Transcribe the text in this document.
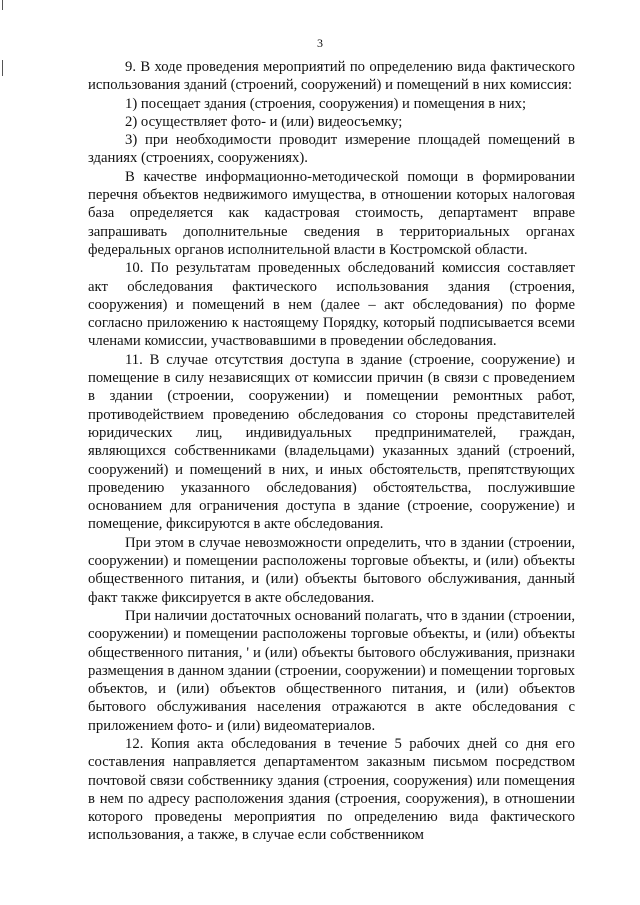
3

9. В ходе проведения мероприятий по определению вида фактического использования зданий (строений, сооружений) и помещений в них комиссия:

1) посещает здания (строения, сооружения) и помещения в них;

2) осуществляет фото- и (или) видеосъемку;

3) при необходимости проводит измерение площадей помещений в зданиях (строениях, сооружениях).

В качестве информационно-методической помощи в формировании перечня объектов недвижимого имущества, в отношении которых налоговая база определяется как кадастровая стоимость, департамент вправе запрашивать дополнительные сведения в территориальных органах федеральных органов исполнительной власти в Костромской области.

10. По результатам проведенных обследований комиссия составляет акт обследования фактического использования здания (строения, сооружения) и помещений в нем (далее – акт обследования) по форме согласно приложению к настоящему Порядку, который подписывается всеми членами комиссии, участвовавшими в проведении обследования.

11. В случае отсутствия доступа в здание (строение, сооружение) и помещение в силу независящих от комиссии причин (в связи с проведением в здании (строении, сооружении) и помещении ремонтных работ, противодействием проведению обследования со стороны представителей юридических лиц, индивидуальных предпринимателей, граждан, являющихся собственниками (владельцами) указанных зданий (строений, сооружений) и помещений в них, и иных обстоятельств, препятствующих проведению указанного обследования) обстоятельства, послужившие основанием для ограничения доступа в здание (строение, сооружение) и помещение, фиксируются в акте обследования.

При этом в случае невозможности определить, что в здании (строении, сооружении) и помещении расположены торговые объекты, и (или) объекты общественного питания, и (или) объекты бытового обслуживания, данный факт также фиксируется в акте обследования.

При наличии достаточных оснований полагать, что в здании (строении, сооружении) и помещении расположены торговые объекты, и (или) объекты общественного питания, ' и (или) объекты бытового обслуживания, признаки размещения в данном здании (строении, сооружении) и помещении торговых объектов, и (или) объектов общественного питания, и (или) объектов бытового обслуживания населения отражаются в акте обследования с приложением фото- и (или) видеоматериалов.

12. Копия акта обследования в течение 5 рабочих дней со дня его составления направляется департаментом заказным письмом посредством почтовой связи собственнику здания (строения, сооружения) или помещения в нем по адресу расположения здания (строения, сооружения), в отношении которого проведены мероприятия по определению вида фактического использования, а также, в случае если собственником
